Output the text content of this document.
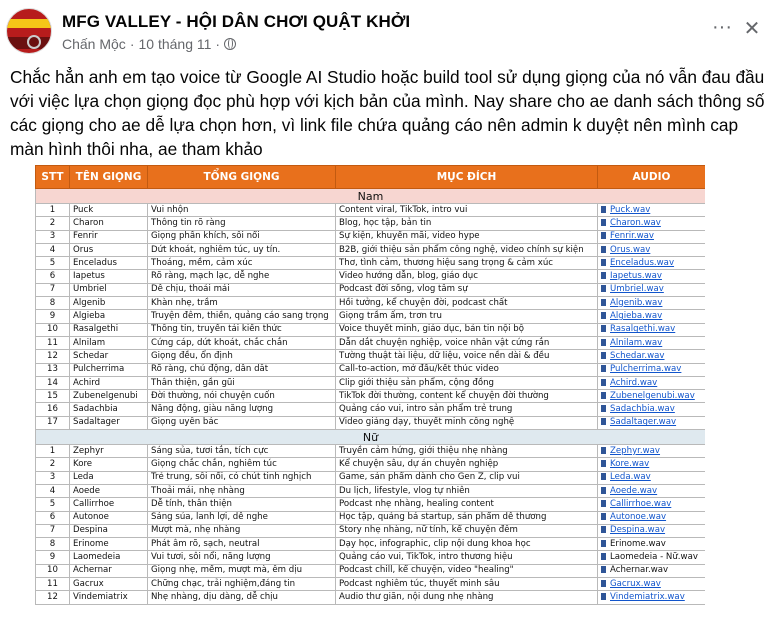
MFG VALLEY - HỘI DÂN CHƠI QUẬT KHỞI
Chấn Mộc · 10 tháng 11 ·
··· ✕
Chắc hẳn anh em tạo voice từ Google AI Studio hoặc build tool sử dụng giọng của nó vẫn đau đầu với việc lựa chọn giọng đọc phù hợp với kịch bản của mình. Nay share cho ae danh sách thông số các giọng cho ae dễ lựa chọn hơn, vì link file chứa quảng cáo nên admin k duyệt nên mình cap màn hình thôi nha, ae tham khảo
STT	TÊN GIỌNG	TỔNG GIỌNG	MỤC ĐÍCH	AUDIO
Nam				
1	Puck	Vui nhộn	Content viral, TikTok, intro vui	Puck.wav
2	Charon	Thông tin rõ ràng	Blog, học tập, bản tin	Charon.wav
3	Fenrir	Giọng phấn khích, sôi nổi	Sự kiện, khuyến mãi, video hype	Fenrir.wav
4	Orus	Dứt khoát, nghiêm túc, uy tín.	B2B, giới thiệu sản phẩm công nghệ, video chính sự kiện	Orus.wav
5	Enceladus	Thoáng, mềm, cảm xúc	Thơ, tình cảm, thương hiệu sang trọng & cảm xúc	Enceladus.wav
6	Iapetus	Rõ ràng, mạch lạc, dễ nghe	Video hướng dẫn, blog, giáo dục	Iapetus.wav
7	Umbriel	Dễ chịu, thoải mái	Podcast đời sống, vlog tâm sự	Umbriel.wav
8	Algenib	Khàn nhẹ, trầm	Hồi tưởng, kể chuyện đời, podcast chất	Algenib.wav
9	Algieba	Truyện đêm, thiền, quảng cáo sang trọng	Giọng trầm ấm, trơn tru	Algieba.wav
10	Rasalgethi	Thông tin, truyền tải kiến thức	Voice thuyết minh, giáo dục, bản tin nội bộ	Rasalgethi.wav
11	Alnilam	Cứng cáp, dứt khoát, chắc chắn	Dẫn dắt chuyện nghiệp, voice nhân vật cứng rắn	Alnilam.wav
12	Schedar	Giọng đều, ổn định	Tường thuật tài liệu, dữ liệu, voice nền dài & đều	Schedar.wav
13	Pulcherrima	Rõ ràng, chủ động, dẫn dắt	Call-to-action, mở đầu/kết thúc video	Pulcherrima.wav
14	Achird	Thân thiện, gần gũi	Clip giới thiệu sản phẩm, cộng đồng	Achird.wav
15	Zubenelgenubi	Đời thường, nói chuyện cuốn	TikTok đời thường, content kể chuyện đời thường	Zubenelgenubi.wav
16	Sadachbia	Năng động, giàu năng lượng	Quảng cáo vui, intro sản phẩm trẻ trung	Sadachbia.wav
17	Sadaltager	Giọng uyên bác	Video giảng dạy, thuyết minh công nghệ	Sadaltager.wav
Nữ				
1	Zephyr	Sáng sủa, tươi tắn, tích cực	Truyền cảm hứng, giới thiệu nhẹ nhàng	Zephyr.wav
2	Kore	Giọng chắc chắn, nghiêm túc	Kể chuyện sâu, dự án chuyên nghiệp	Kore.wav
3	Leda	Trẻ trung, sôi nổi, có chút tinh nghịch	Game, sản phẩm dành cho Gen Z, clip vui	Leda.wav
4	Aoede	Thoải mái, nhẹ nhàng	Du lịch, lifestyle, vlog tự nhiên	Aoede.wav
5	Callirrhoe	Dễ tính, thân thiện	Podcast nhẹ nhàng, healing content	Callirrhoe.wav
6	Autonoe	Sáng sủa, lanh lợi, dễ nghe	Học tập, quảng bá startup, sản phẩm dễ thương	Autonoe.wav
7	Despina	Mượt mà, nhẹ nhàng	Story nhẹ nhàng, nữ tính, kể chuyện đêm	Despina.wav
8	Erinome	Phát âm rõ, sạch, neutral	Dạy học, infographic, clip nội dung khoa học	Erinome.wav
9	Laomedeia	Vui tươi, sôi nổi, năng lượng	Quảng cáo vui, TikTok, intro thương hiệu	Laomedeia - Nữ.wav
10	Achernar	Giọng nhẹ, mềm, mượt mà, êm dịu	Podcast chill, kể chuyện, video "healing"	Achernar.wav
11	Gacrux	Chững chạc, trải nghiệm,đáng tin	Podcast nghiêm túc, thuyết minh sâu	Gacrux.wav
12	Vindemiatrix	Nhẹ nhàng, dịu dàng, dễ chịu	Audio thư giãn, nội dung nhẹ nhàng	Vindemiatrix.wav
